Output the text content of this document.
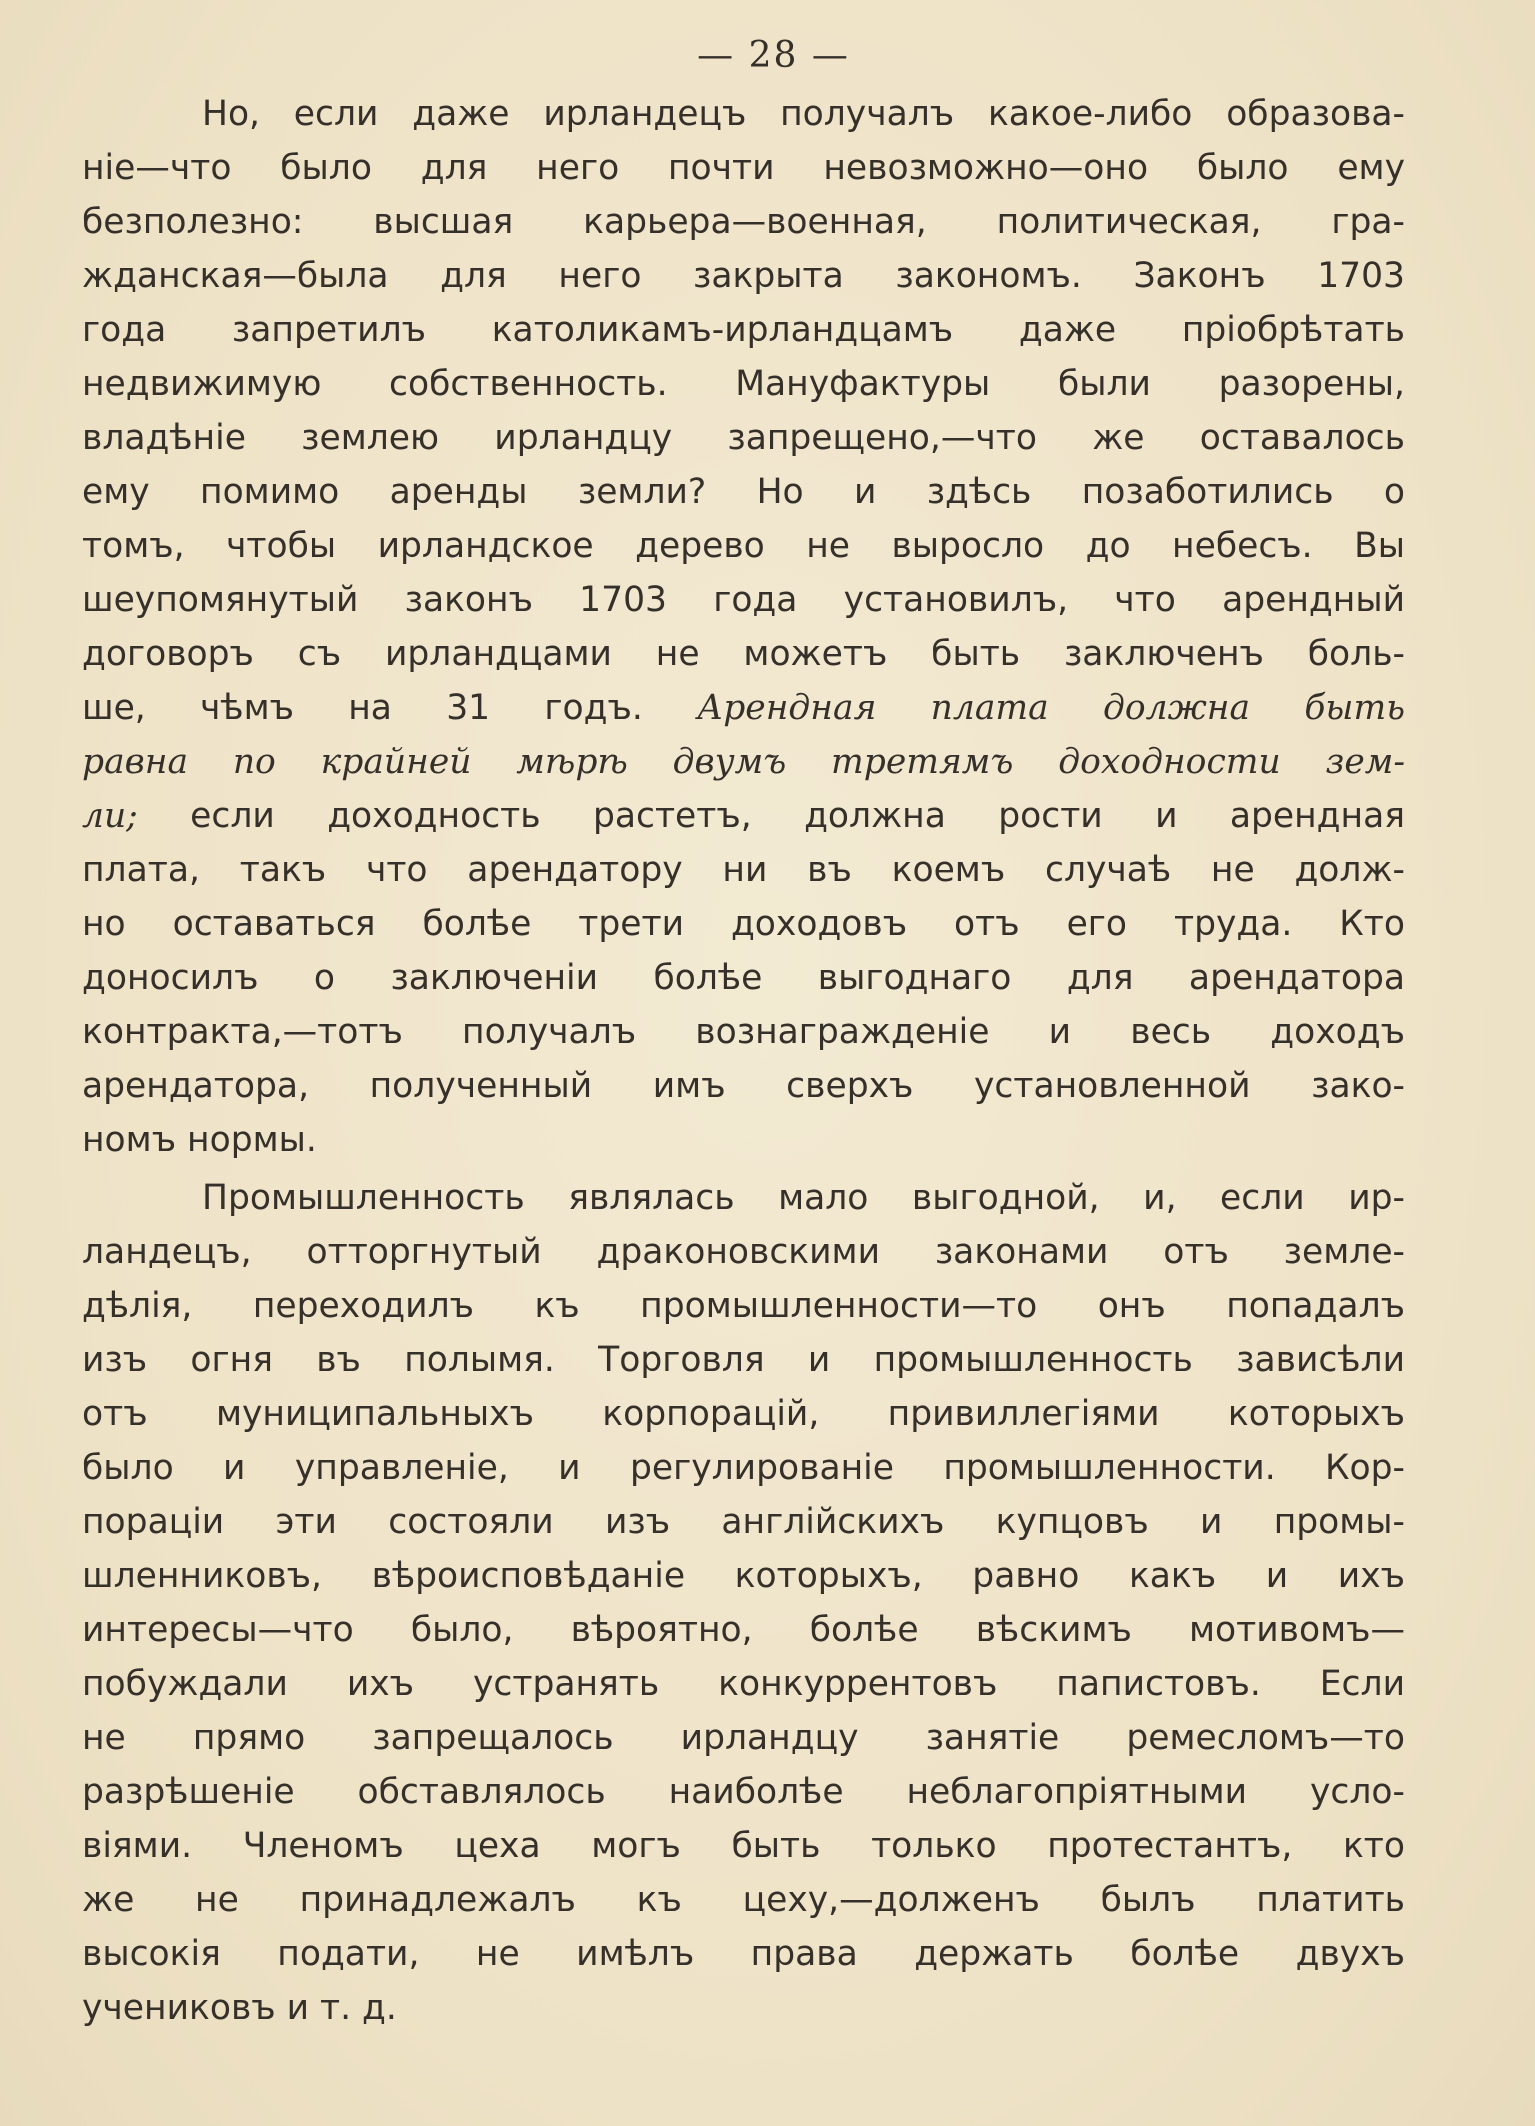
— 28 —
Но, если даже ирландецъ получалъ какое-либо образова-
ніе—что было для него почти невозможно—оно было ему
безполезно: высшая карьера—военная, политическая, гра-
жданская—была для него закрыта закономъ. Законъ 1703
года запретилъ католикамъ-ирландцамъ даже пріобрѣтать
недвижимую собственность. Мануфактуры были разорены,
владѣніе землею ирландцу запрещено,—что же оставалось
ему помимо аренды земли? Но и здѣсь позаботились о
томъ, чтобы ирландское дерево не выросло до небесъ. Вы
шеупомянутый законъ 1703 года установилъ, что арендный
договоръ съ ирландцами не можетъ быть заключенъ боль-
ше, чѣмъ на 31 годъ. Арендная плата должна быть
равна по крайней мѣрѣ двумъ третямъ доходности зем-
ли; если доходность растетъ, должна рости и арендная
плата, такъ что арендатору ни въ коемъ случаѣ не долж-
но оставаться болѣе трети доходовъ отъ его труда. Кто
доносилъ о заключеніи болѣе выгоднаго для арендатора
контракта,—тотъ получалъ вознагражденіе и весь доходъ
арендатора, полученный имъ сверхъ установленной зако-
номъ нормы.
Промышленность являлась мало выгодной, и, если ир-
ландецъ, отторгнутый драконовскими законами отъ земле-
дѣлія, переходилъ къ промышленности—то онъ попадалъ
изъ огня въ полымя. Торговля и промышленность зависѣли
отъ муниципальныхъ корпорацій, привиллегіями которыхъ
было и управленіе, и регулированіе промышленности. Кор-
пораціи эти состояли изъ англійскихъ купцовъ и промы-
шленниковъ, вѣроисповѣданіе которыхъ, равно какъ и ихъ
интересы—что было, вѣроятно, болѣе вѣскимъ мотивомъ—
побуждали ихъ устранять конкуррентовъ папистовъ. Если
не прямо запрещалось ирландцу занятіе ремесломъ—то
разрѣшеніе обставлялось наиболѣе неблагопріятными усло-
віями. Членомъ цеха могъ быть только протестантъ, кто
же не принадлежалъ къ цеху,—долженъ былъ платить
высокія подати, не имѣлъ права держать болѣе двухъ
учениковъ и т. д.
